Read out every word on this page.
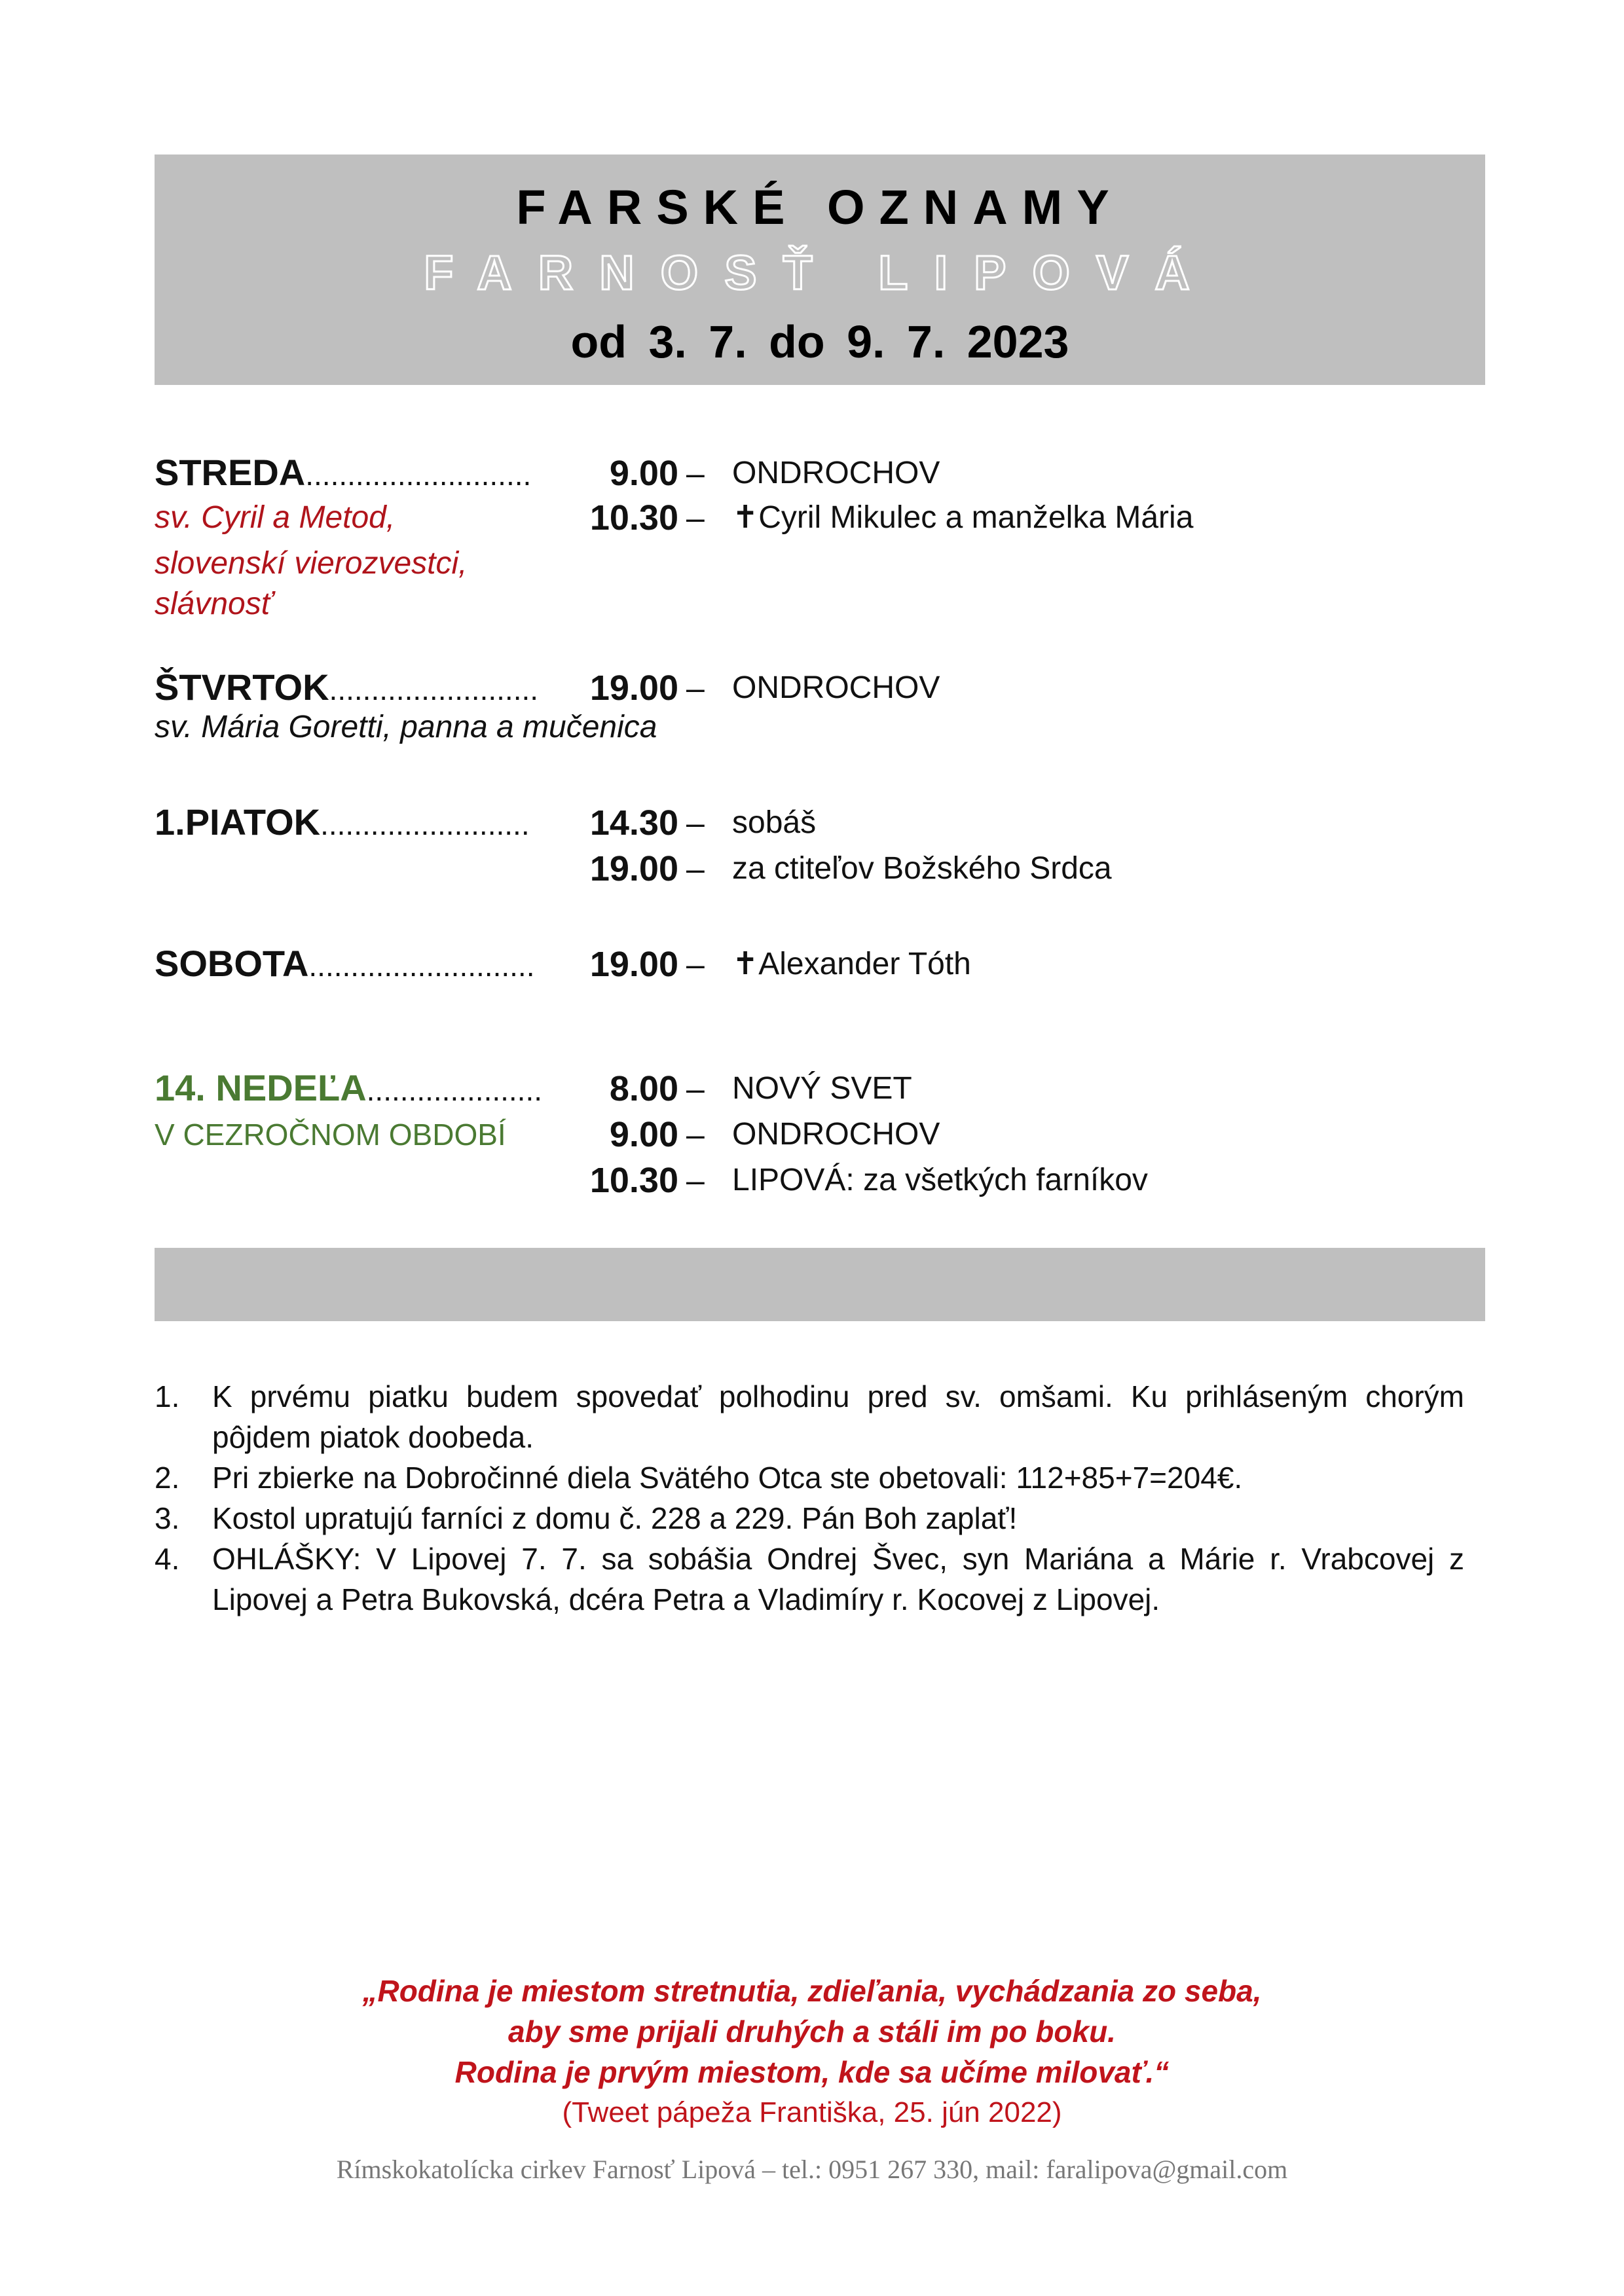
FARSKÉ OZNAMY
FARNOSŤ LIPOVÁ
od 3. 7. do 9. 7. 2023
STREDA...........................	9.00 – ONDROCHOV
sv. Cyril a Metod,	10.30 – ✝Cyril Mikulec a manželka Mária
slovenskí vierozvestci,
slávnosť
ŠTVRTOK.........................	19.00 – ONDROCHOV
sv. Mária Goretti, panna a mučenica
1.PIATOK.........................	14.30 – sobáš
19.00 – za ctiteľov Božského Srdca
SOBOTA...........................	19.00 – ✝Alexander Tóth
14. NEDEĽA.....................	8.00 – NOVÝ SVET
V CEZROČNOM OBDOBÍ	9.00 – ONDROCHOV
10.30 – LIPOVÁ: za všetkých farníkov
1. K prvému piatku budem spovedať polhodinu pred sv. omšami. Ku prihláseným chorým pôjdem piatok doobeda.
2. Pri zbierke na Dobročinné diela Svätého Otca ste obetovali: 112+85+7=204€.
3. Kostol upratujú farníci z domu č. 228 a 229. Pán Boh zaplať!
4. OHLÁŠKY: V Lipovej 7. 7. sa sobášia Ondrej Švec, syn Mariána a Márie r. Vrabcovej z Lipovej a Petra Bukovská, dcéra Petra a Vladimíry r. Kocovej z Lipovej.
„Rodina je miestom stretnutia, zdieľania, vychádzania zo seba,
aby sme prijali druhých a stáli im po boku.
Rodina je prvým miestom, kde sa učíme milovať.“
(Tweet pápeža Františka, 25. jún 2022)
Rímskokatolícka cirkev Farnosť Lipová – tel.: 0951 267 330, mail: faralipova@gmail.com
